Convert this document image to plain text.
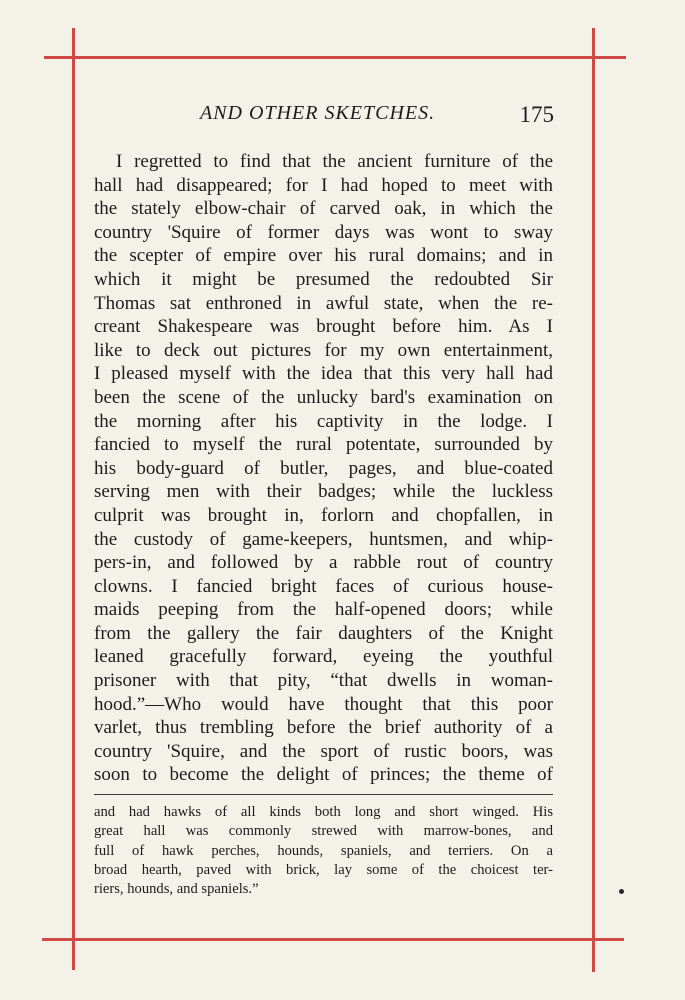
AND OTHER SKETCHES.	175
I regretted to find that the ancient furniture of the
hall had disappeared; for I had hoped to meet with
the stately elbow-chair of carved oak, in which the
country 'Squire of former days was wont to sway
the scepter of empire over his rural domains; and in
which it might be presumed the redoubted Sir
Thomas sat enthroned in awful state, when the re-
creant Shakespeare was brought before him. As I
like to deck out pictures for my own entertainment,
I pleased myself with the idea that this very hall had
been the scene of the unlucky bard's examination on
the morning after his captivity in the lodge. I
fancied to myself the rural potentate, surrounded by
his body-guard of butler, pages, and blue-coated
serving men with their badges; while the luckless
culprit was brought in, forlorn and chopfallen, in
the custody of game-keepers, huntsmen, and whip-
pers-in, and followed by a rabble rout of country
clowns. I fancied bright faces of curious house-
maids peeping from the half-opened doors; while
from the gallery the fair daughters of the Knight
leaned gracefully forward, eyeing the youthful
prisoner with that pity, “that dwells in woman-
hood.”—Who would have thought that this poor
varlet, thus trembling before the brief authority of a
country 'Squire, and the sport of rustic boors, was
soon to become the delight of princes; the theme of
and had hawks of all kinds both long and short winged. His
great hall was commonly strewed with marrow-bones, and
full of hawk perches, hounds, spaniels, and terriers. On a
broad hearth, paved with brick, lay some of the choicest ter-
riers, hounds, and spaniels.”
